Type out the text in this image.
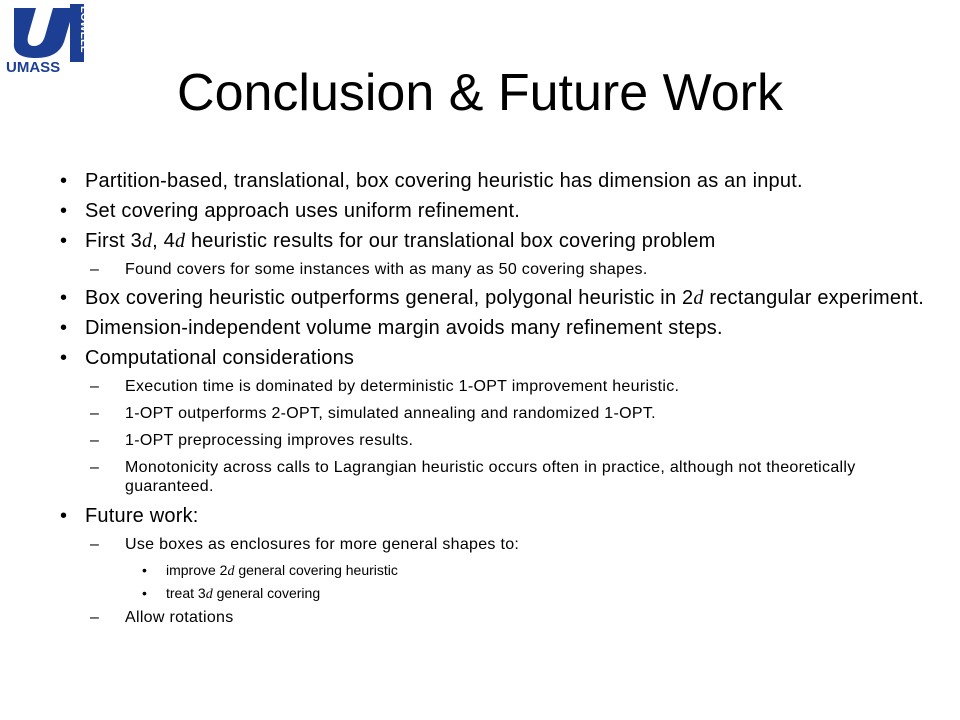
LOWELL
UMASS	Conclusion & Future Work
• Partition-based, translational, box covering heuristic has dimension as an input.
• Set covering approach uses uniform refinement.
• First 3d, 4d heuristic results for our translational box covering problem
– Found covers for some instances with as many as 50 covering shapes.
• Box covering heuristic outperforms general, polygonal heuristic in 2d rectangular experiment.
• Dimension-independent volume margin avoids many refinement steps.
• Computational considerations
– Execution time is dominated by deterministic 1-OPT improvement heuristic.
– 1-OPT outperforms 2-OPT, simulated annealing and randomized 1-OPT.
– 1-OPT preprocessing improves results.
– Monotonicity across calls to Lagrangian heuristic occurs often in practice, although not theoretically guaranteed.
• Future work:
– Use boxes as enclosures for more general shapes to:
• improve 2d general covering heuristic
• treat 3d general covering
– Allow rotations
